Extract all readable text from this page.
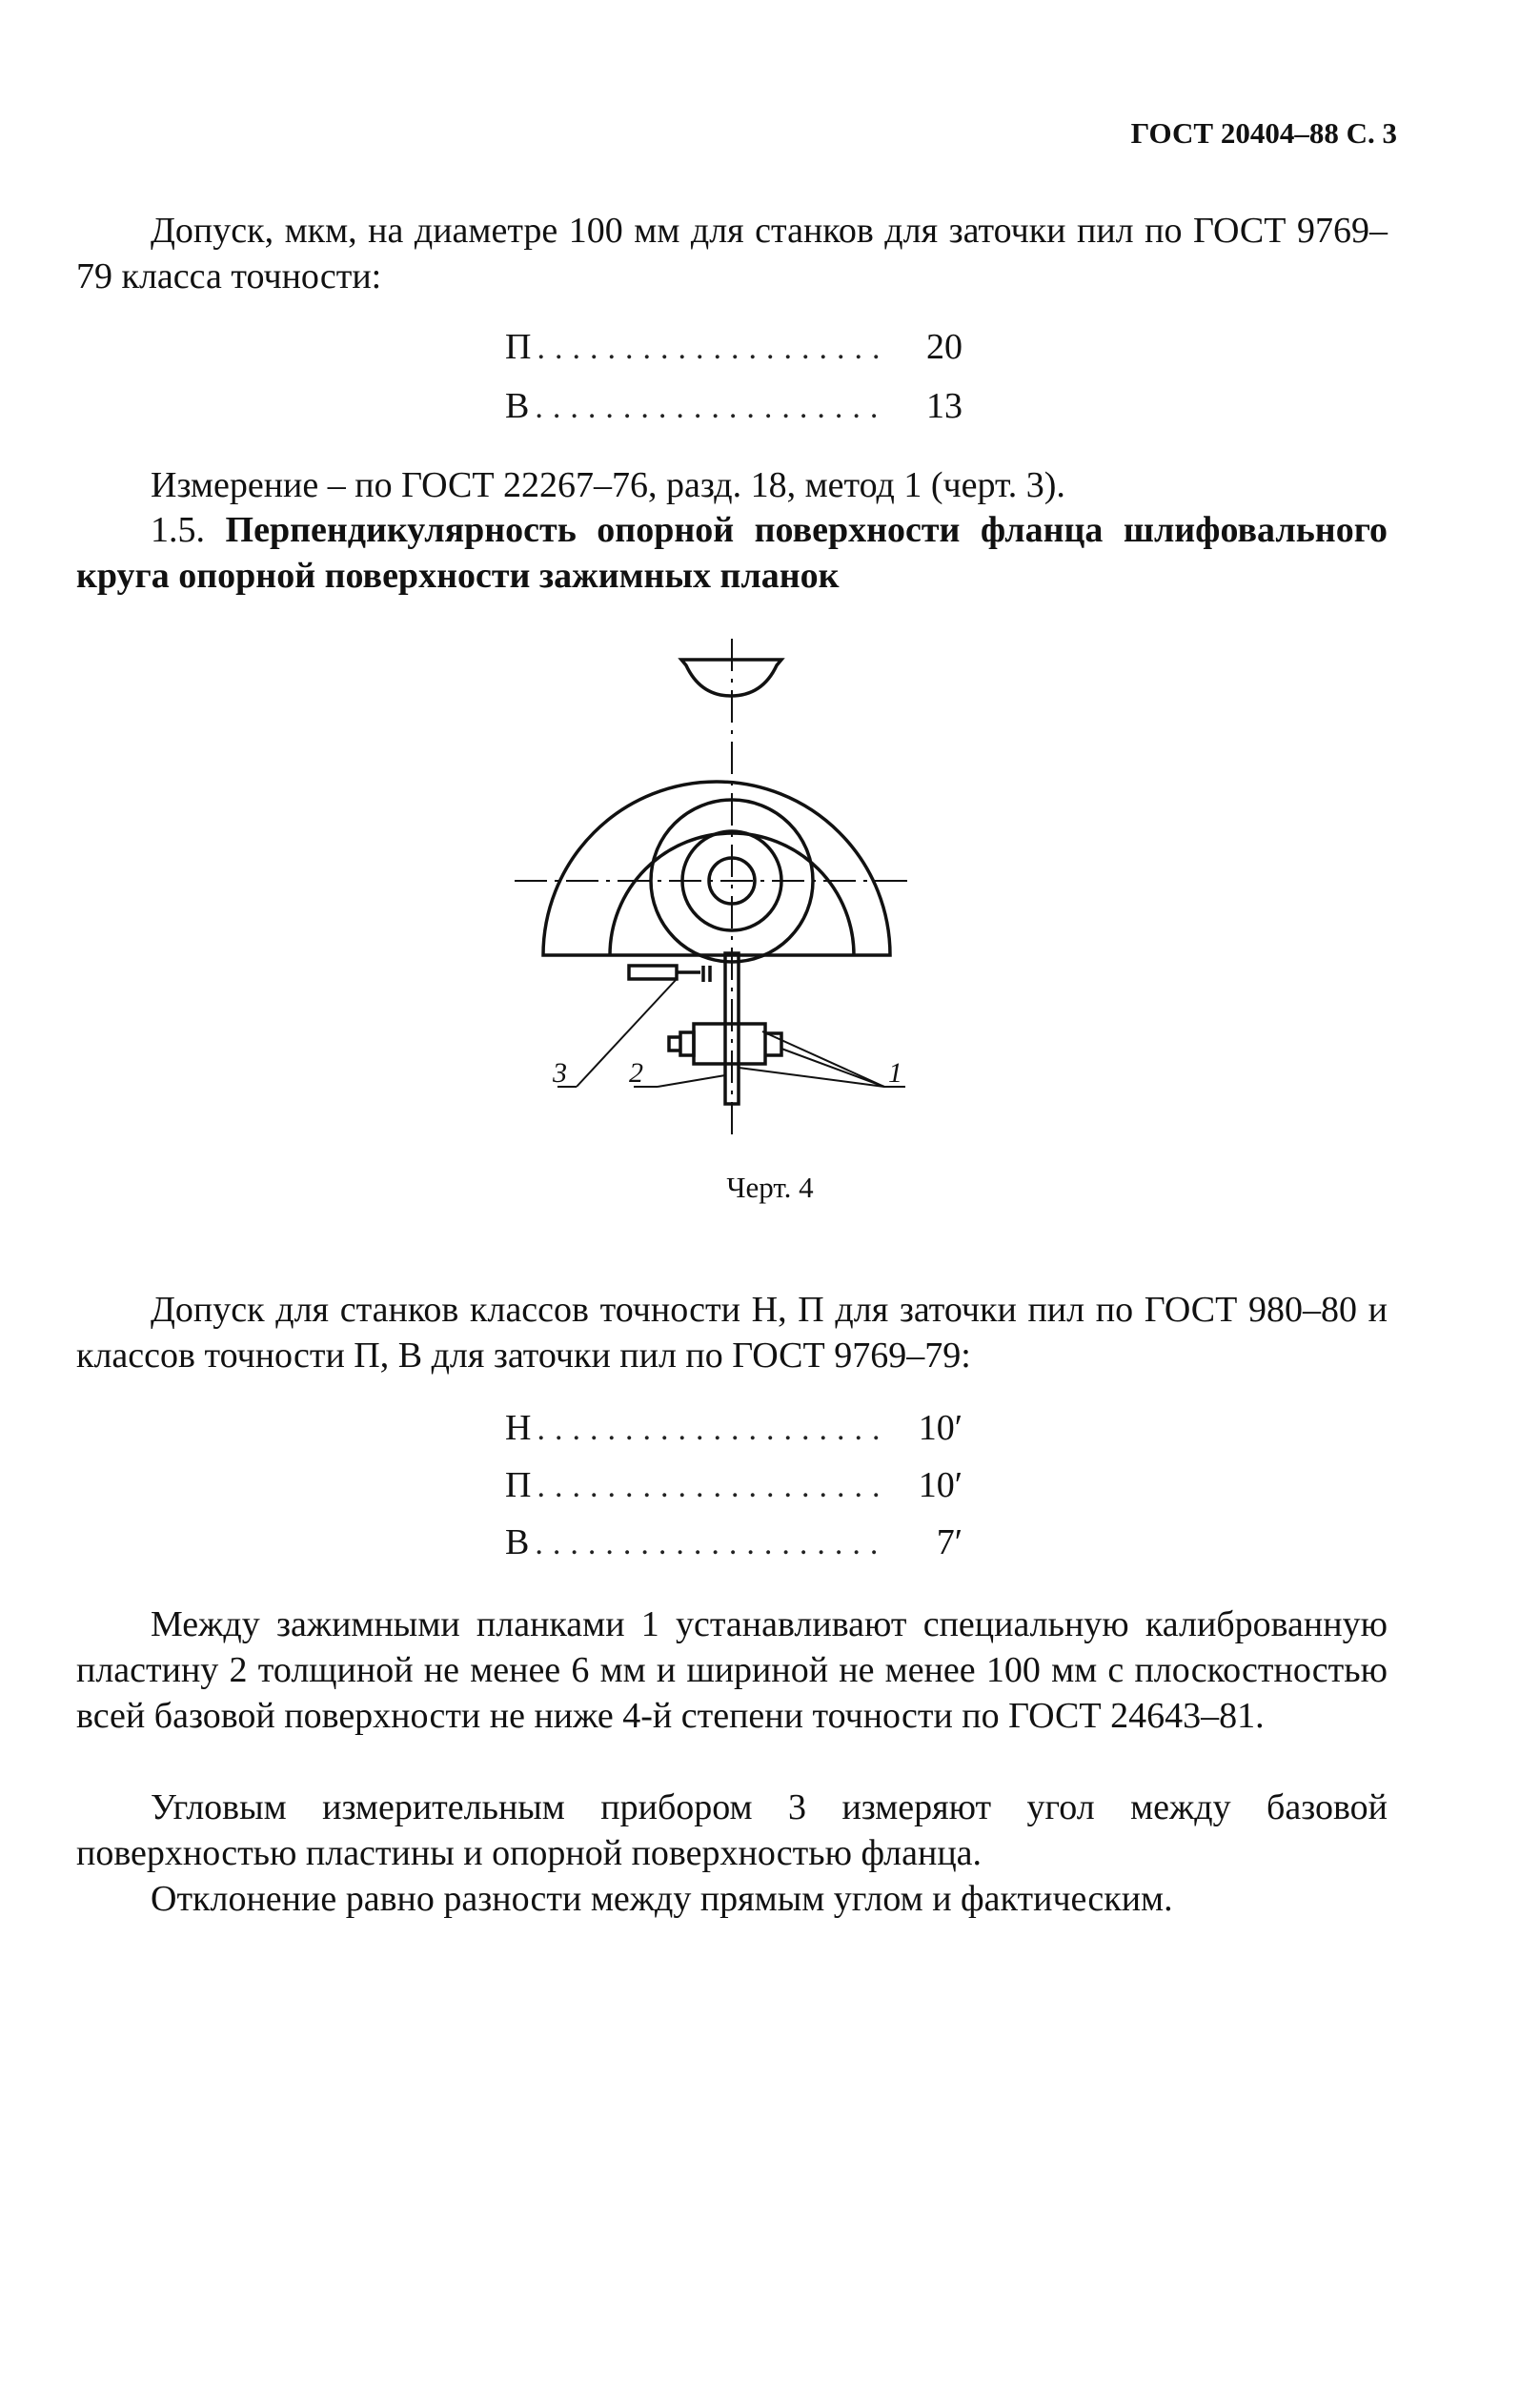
ГОСТ 20404–88 С. 3

Допуск, мкм, на диаметре 100 мм для станков для заточки пил по ГОСТ 9769–79 класса точности:

П ....................	20
В ....................	13

Измерение – по ГОСТ 22267–76, разд. 18, метод 1 (черт. 3).

1.5. Перпендикулярность опорной поверхности фланца шлифовального круга опорной поверхности зажимных планок

3 2	1
Черт. 4

Допуск для станков классов точности Н, П для заточки пил по ГОСТ 980–80 и классов точности П, В для заточки пил по ГОСТ 9769–79:

Н .................... 10′
П .................... 10′
В ....................	7′

Между зажимными планками 1 устанавливают специальную калиброванную пластину 2 толщиной не менее 6 мм и шириной не менее 100 мм с плоскостностью всей базовой поверхности не ниже 4-й степени точности по ГОСТ 24643–81.

Угловым измерительным прибором 3 измеряют угол между базовой поверхностью пластины и опорной поверхностью фланца.

Отклонение равно разности между прямым углом и фактическим.
